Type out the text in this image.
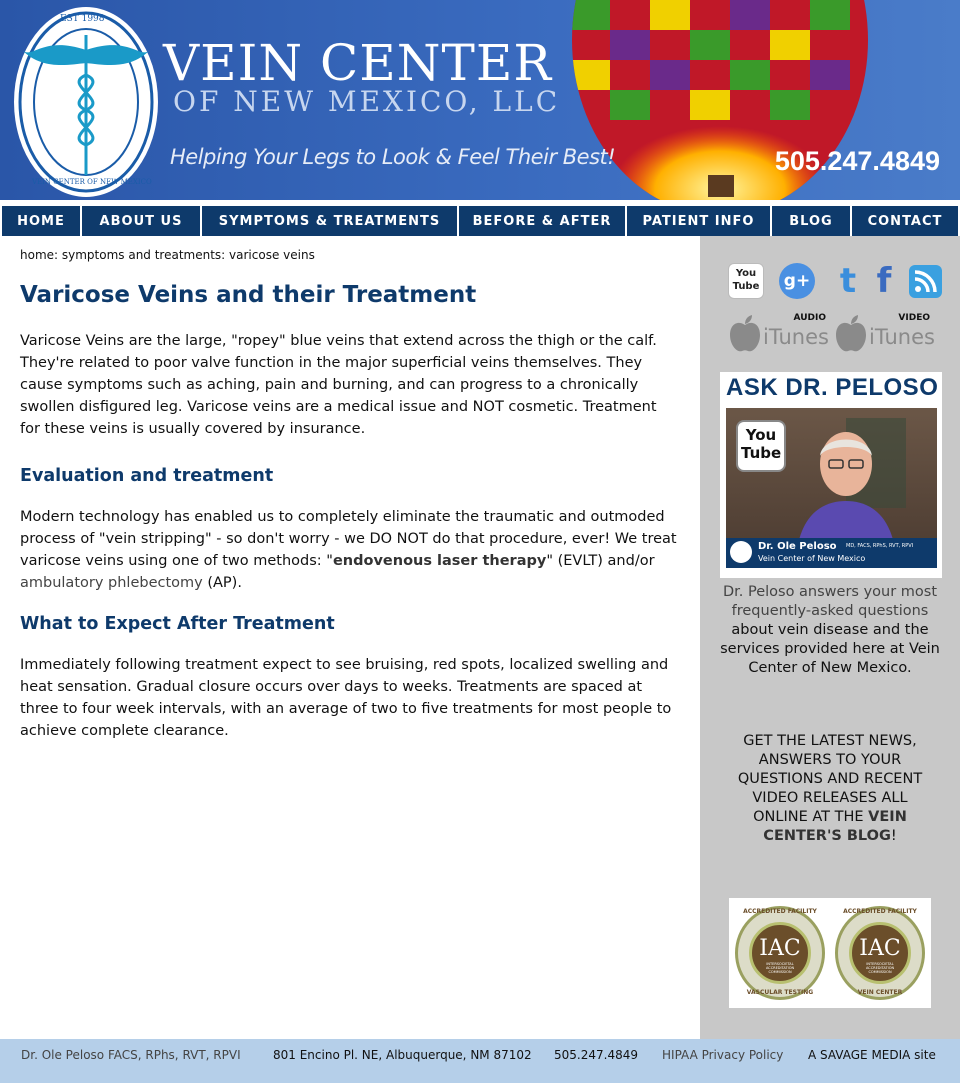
EST 1998
VEIN CENTER OF NEW MEXICO
VEIN CENTER
OF NEW MEXICO, LLC
Helping Your Legs to Look & Feel Their Best!	505.247.4849
HOME	ABOUT US	SYMPTOMS & TREATMENTS	BEFORE & AFTER	PATIENT INFO	BLOG	CONTACT
home: symptoms and treatments: varicose veins
Varicose Veins and their Treatment

Varicose Veins are the large, "ropey" blue veins that extend across the thigh or the calf. They're related to poor valve function in the major superficial veins themselves. They cause symptoms such as aching, pain and burning, and can progress to a chronically swollen disfigured leg. Varicose veins are a medical issue and NOT cosmetic. Treatment for these veins is usually covered by insurance.

Evaluation and treatment

Modern technology has enabled us to completely eliminate the traumatic and outmoded process of "vein stripping" - so don't worry - we DO NOT do that procedure, ever! We treat varicose veins using one of two methods: "endovenous laser therapy" (EVLT) and/or ambulatory phlebectomy (AP).

What to Expect After Treatment

Immediately following treatment expect to see bruising, red spots, localized swelling and heat sensation. Gradual closure occurs over days to weeks. Treatments are spaced at three to four week intervals, with an average of two to five treatments for most people to achieve complete clearance.

You Tube g+ t f
AUDIO
iTunes
VIDEO
iTunes
ASK DR. PELOSO
You Tube
Dr. Ole Peloso MD, FACS, RPhS, RVT, RPVI
Vein Center of New Mexico
Dr. Peloso answers your most frequently-asked questions about vein disease and the services provided here at Vein Center of New Mexico.
GET THE LATEST NEWS, ANSWERS TO YOUR QUESTIONS AND RECENT VIDEO RELEASES ALL ONLINE AT THE VEIN CENTER'S BLOG!
ACCREDITED FACILITY
IAC
INTERSOCIETAL ACCREDITATION COMMISSION
VASCULAR TESTING
ACCREDITED FACILITY
IAC
INTERSOCIETAL ACCREDITATION COMMISSION
VEIN CENTER
Dr. Ole Peloso FACS, RPhs, RVT, RPVI	801 Encino Pl. NE, Albuquerque, NM 87102 505.247.4849 HIPAA Privacy Policy A SAVAGE MEDIA site
